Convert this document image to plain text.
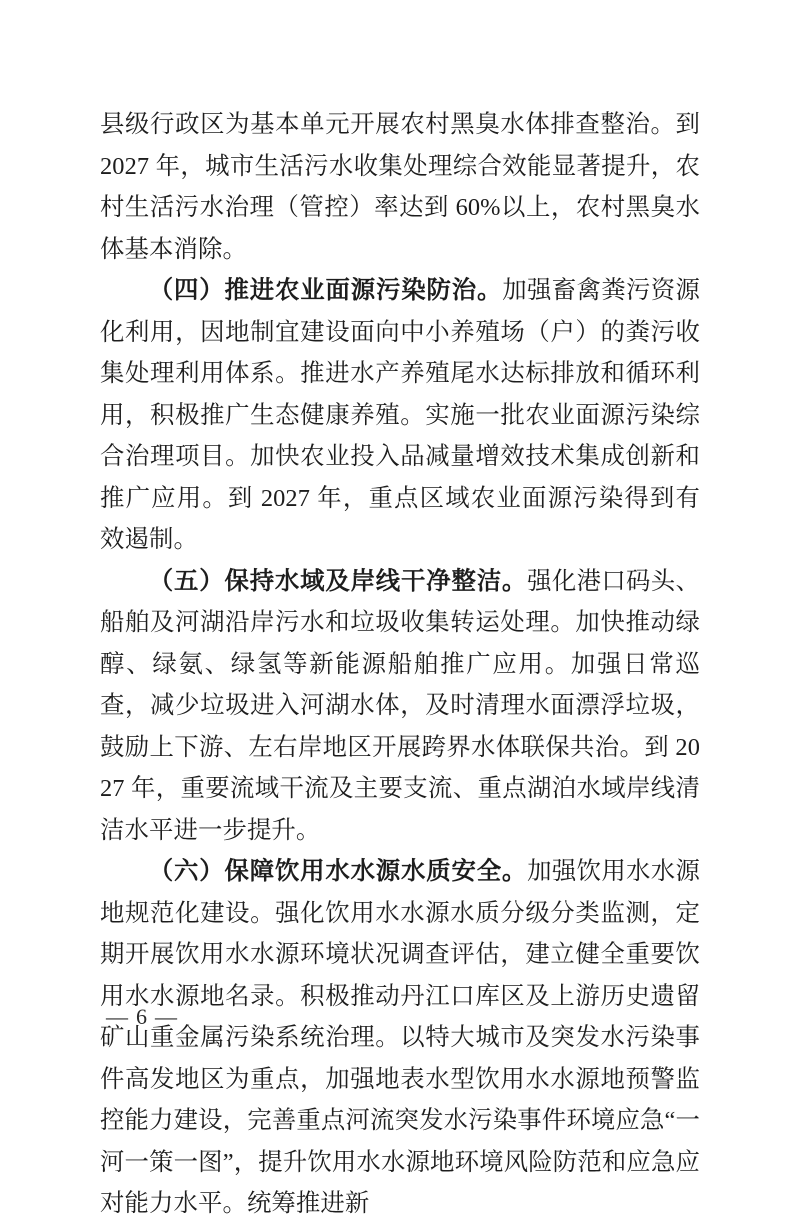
县级行政区为基本单元开展农村黑臭水体排查整治。到 2027 年，城市生活污水收集处理综合效能显著提升，农村生活污水治理（管控）率达到 60%以上，农村黑臭水体基本消除。

（四）推进农业面源污染防治。加强畜禽粪污资源化利用，因地制宜建设面向中小养殖场（户）的粪污收集处理利用体系。推进水产养殖尾水达标排放和循环利用，积极推广生态健康养殖。实施一批农业面源污染综合治理项目。加快农业投入品减量增效技术集成创新和推广应用。到 2027 年，重点区域农业面源污染得到有效遏制。

（五）保持水域及岸线干净整洁。强化港口码头、船舶及河湖沿岸污水和垃圾收集转运处理。加快推动绿醇、绿氨、绿氢等新能源船舶推广应用。加强日常巡查，减少垃圾进入河湖水体，及时清理水面漂浮垃圾，鼓励上下游、左右岸地区开展跨界水体联保共治。到 2027 年，重要流域干流及主要支流、重点湖泊水域岸线清洁水平进一步提升。

（六）保障饮用水水源水质安全。加强饮用水水源地规范化建设。强化饮用水水源水质分级分类监测，定期开展饮用水水源环境状况调查评估，建立健全重要饮用水水源地名录。积极推动丹江口库区及上游历史遗留矿山重金属污染系统治理。以特大城市及突发水污染事件高发地区为重点，加强地表水型饮用水水源地预警监控能力建设，完善重点河流突发水污染事件环境应急“一河一策一图”，提升饮用水水源地环境风险防范和应急应对能力水平。统筹推进新

— 6 —
